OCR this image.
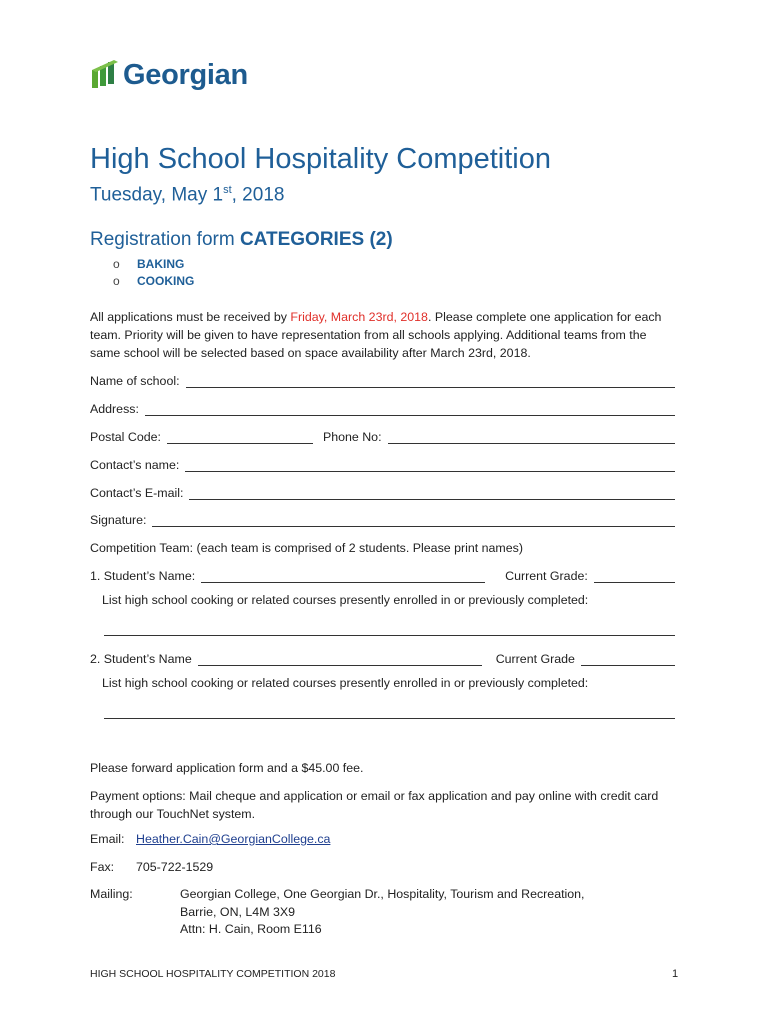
Georgian
High School Hospitality Competition
Tuesday, May 1st, 2018
Registration form CATEGORIES (2)
o BAKING
o COOKING
All applications must be received by Friday, March 23rd, 2018. Please complete one application for each team. Priority will be given to have representation from all schools applying. Additional teams from the same school will be selected based on space availability after March 23rd, 2018.
Name of school:
Address:
Postal Code:	Phone No:
Contact’s name:
Contact’s E-mail:
Signature:
Competition Team: (each team is comprised of 2 students. Please print names)
1. Student’s Name:	Current Grade:
List high school cooking or related courses presently enrolled in or previously completed:
2. Student’s Name	Current Grade
List high school cooking or related courses presently enrolled in or previously completed:
Please forward application form and a $45.00 fee.
Payment options: Mail cheque and application or email or fax application and pay online with credit card through our TouchNet system.
Email: Heather.Cain@GeorgianCollege.ca
Fax: 705-722-1529
Mailing:	Georgian College, One Georgian Dr., Hospitality, Tourism and Recreation,
Barrie, ON, L4M 3X9
Attn: H. Cain, Room E116
HIGH SCHOOL HOSPITALITY COMPETITION 2018	1
